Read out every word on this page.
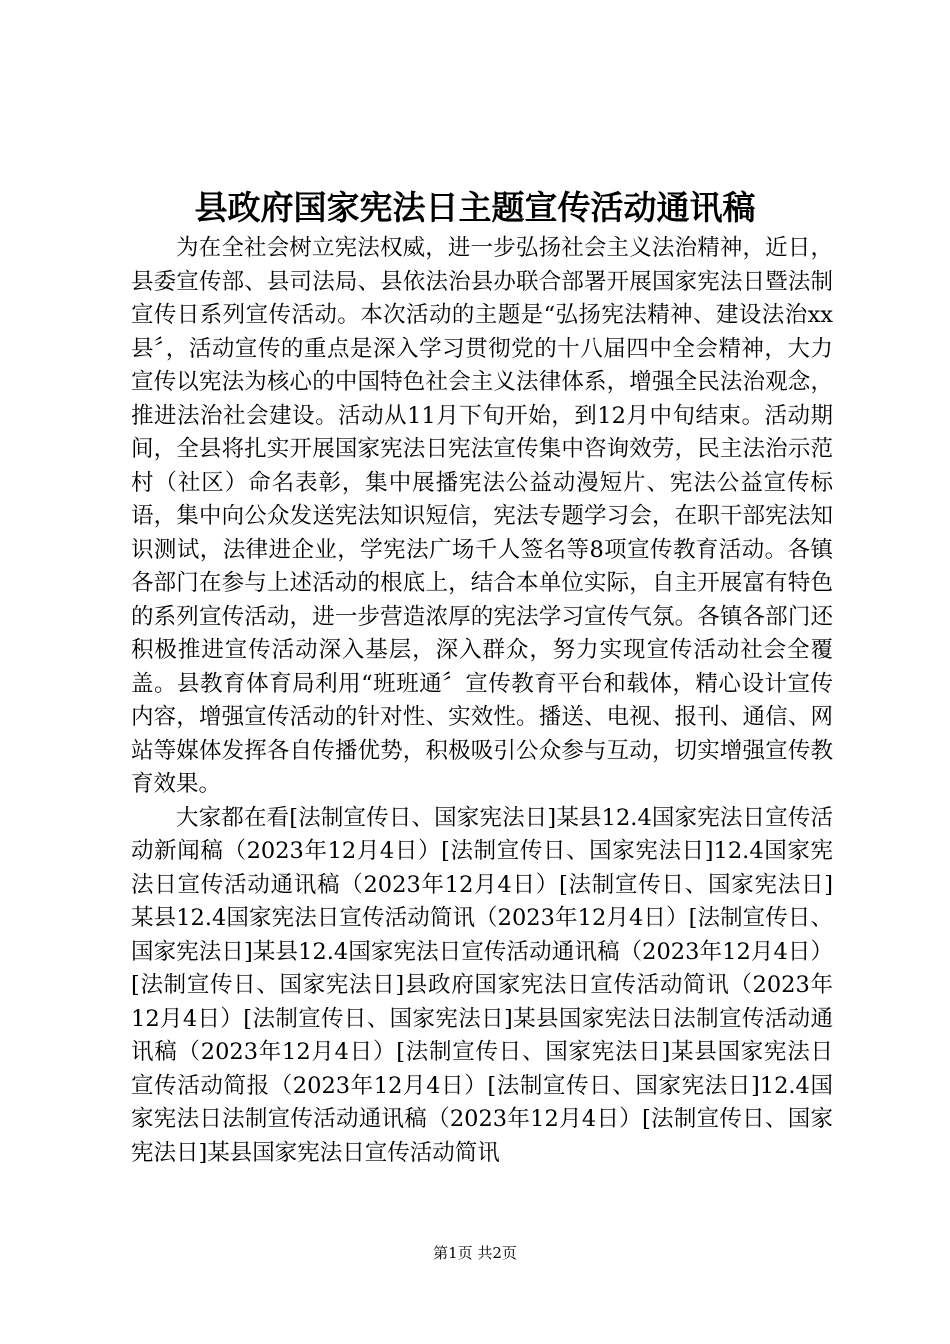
县政府国家宪法日主题宣传活动通讯稿

为在全社会树立宪法权威，进一步弘扬社会主义法治精神，近日，县委宣传部、县司法局、县依法治县办联合部署开展国家宪法日暨法制宣传日系列宣传活动。本次活动的主题是“弘扬宪法精神、建设法治xx县〞，活动宣传的重点是深入学习贯彻党的十八届四中全会精神，大力宣传以宪法为核心的中国特色社会主义法律体系，增强全民法治观念，推进法治社会建设。活动从11月下旬开始，到12月中旬结束。活动期间，全县将扎实开展国家宪法日宪法宣传集中咨询效劳，民主法治示范村（社区）命名表彰，集中展播宪法公益动漫短片、宪法公益宣传标语，集中向公众发送宪法知识短信，宪法专题学习会，在职干部宪法知识测试，法律进企业，学宪法广场千人签名等8项宣传教育活动。各镇各部门在参与上述活动的根底上，结合本单位实际，自主开展富有特色的系列宣传活动，进一步营造浓厚的宪法学习宣传气氛。各镇各部门还积极推进宣传活动深入基层，深入群众，努力实现宣传活动社会全覆盖。县教育体育局利用“班班通〞宣传教育平台和载体，精心设计宣传内容，增强宣传活动的针对性、实效性。播送、电视、报刊、通信、网站等媒体发挥各自传播优势，积极吸引公众参与互动，切实增强宣传教育效果。

大家都在看[法制宣传日、国家宪法日]某县12.4国家宪法日宣传活动新闻稿（2023年12月4日）[法制宣传日、国家宪法日]12.4国家宪法日宣传活动通讯稿（2023年12月4日）[法制宣传日、国家宪法日]某县12.4国家宪法日宣传活动简讯（2023年12月4日）[法制宣传日、国家宪法日]某县12.4国家宪法日宣传活动通讯稿（2023年12月4日）[法制宣传日、国家宪法日]县政府国家宪法日宣传活动简讯（2023年12月4日）[法制宣传日、国家宪法日]某县国家宪法日法制宣传活动通讯稿（2023年12月4日）[法制宣传日、国家宪法日]某县国家宪法日宣传活动简报（2023年12月4日）[法制宣传日、国家宪法日]12.4国家宪法日法制宣传活动通讯稿（2023年12月4日）[法制宣传日、国家宪法日]某县国家宪法日宣传活动简讯

第1页 共2页
